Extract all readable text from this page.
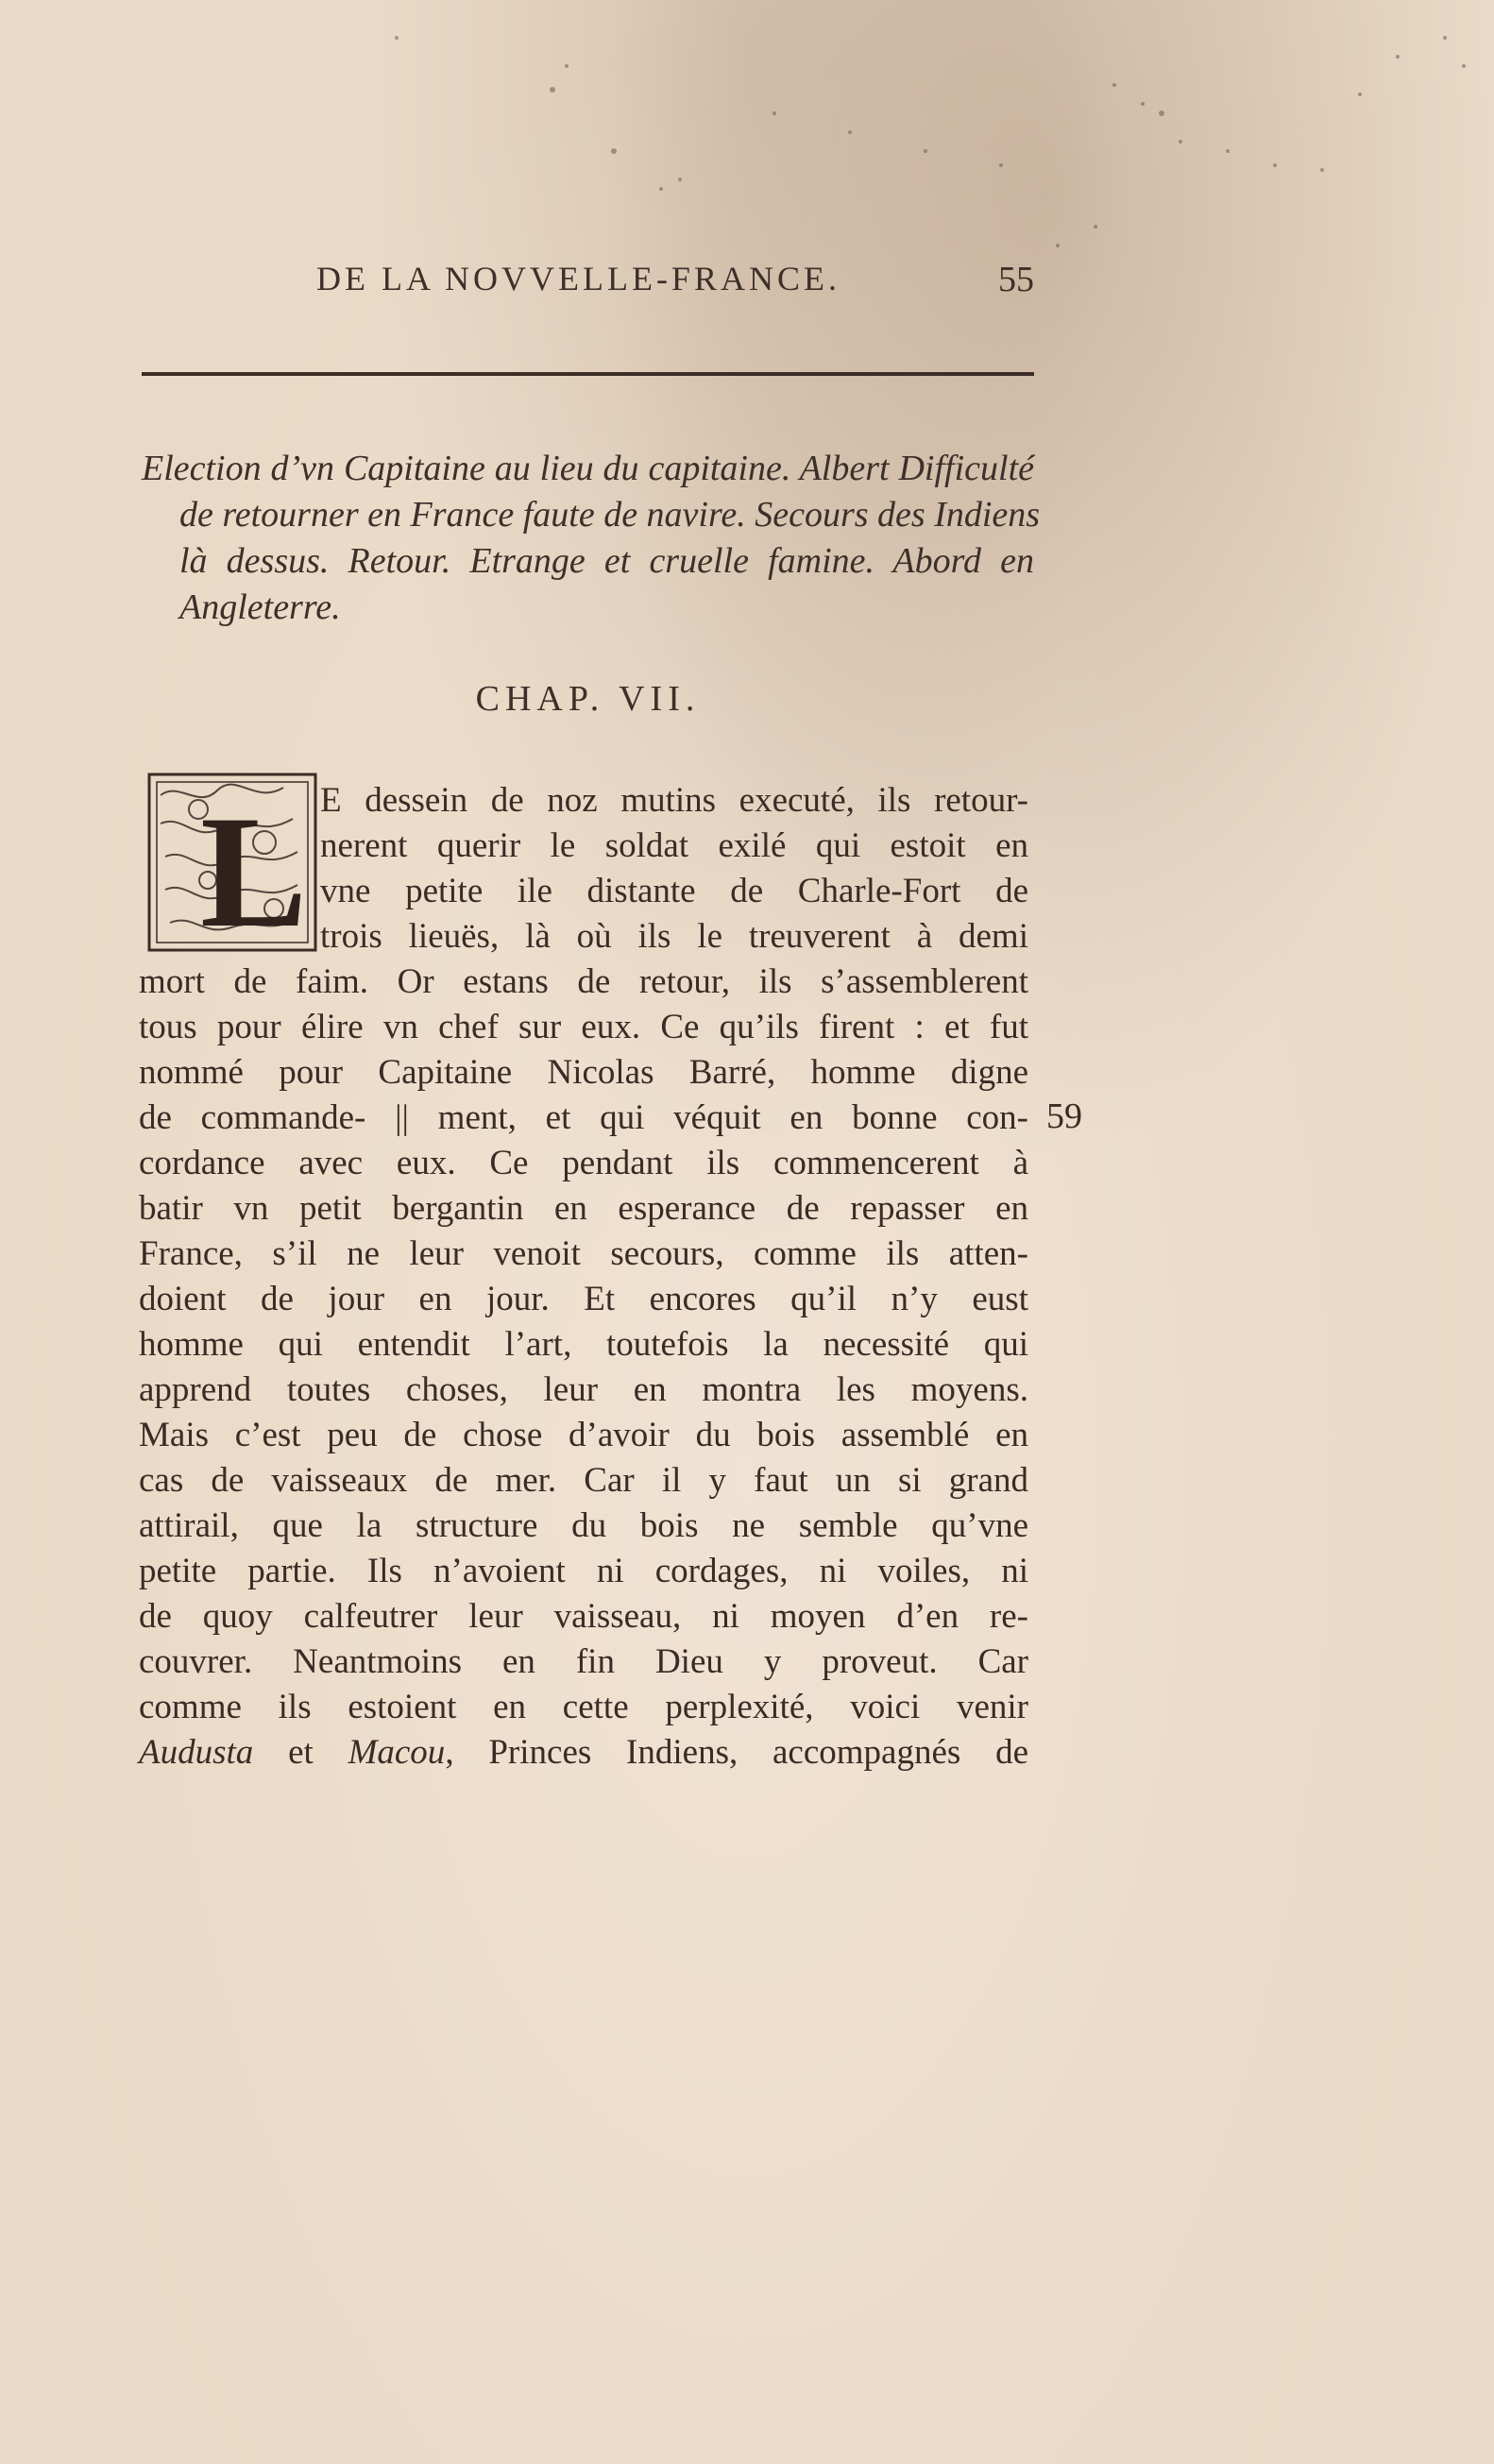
DE LA NOVVELLE-FRANCE.	55
Election d’vn Capitaine au lieu du capitaine. Albert Difficulté
de retourner en France faute de navire. Secours des Indiens
là dessus. Retour. Etrange et cruelle famine. Abord en
Angleterre.
CHAP. VII.
L E dessein de noz mutins executé, ils retour-
nerent querir le soldat exilé qui estoit en
vne petite ile distante de Charle-Fort de
trois lieuës, là où ils le treuverent à demi
mort de faim. Or estans de retour, ils s’assemblerent
tous pour élire vn chef sur eux. Ce qu’ils firent : et fut
nommé pour Capitaine Nicolas Barré, homme digne
de commande- || ment, et qui véquit en bonne con-
cordance avec eux. Ce pendant ils commencerent à
batir vn petit bergantin en esperance de repasser en
France, s’il ne leur venoit secours, comme ils atten-
doient de jour en jour. Et encores qu’il n’y eust
homme qui entendit l’art, toutefois la necessité qui
apprend toutes choses, leur en montra les moyens.
Mais c’est peu de chose d’avoir du bois assemblé en
cas de vaisseaux de mer. Car il y faut un si grand
attirail, que la structure du bois ne semble qu’vne
petite partie. Ils n’avoient ni cordages, ni voiles, ni
de quoy calfeutrer leur vaisseau, ni moyen d’en re-
couvrer. Neantmoins en fin Dieu y proveut. Car
comme ils estoient en cette perplexité, voici venir
Audusta et Macou, Princes Indiens, accompagnés de
59
